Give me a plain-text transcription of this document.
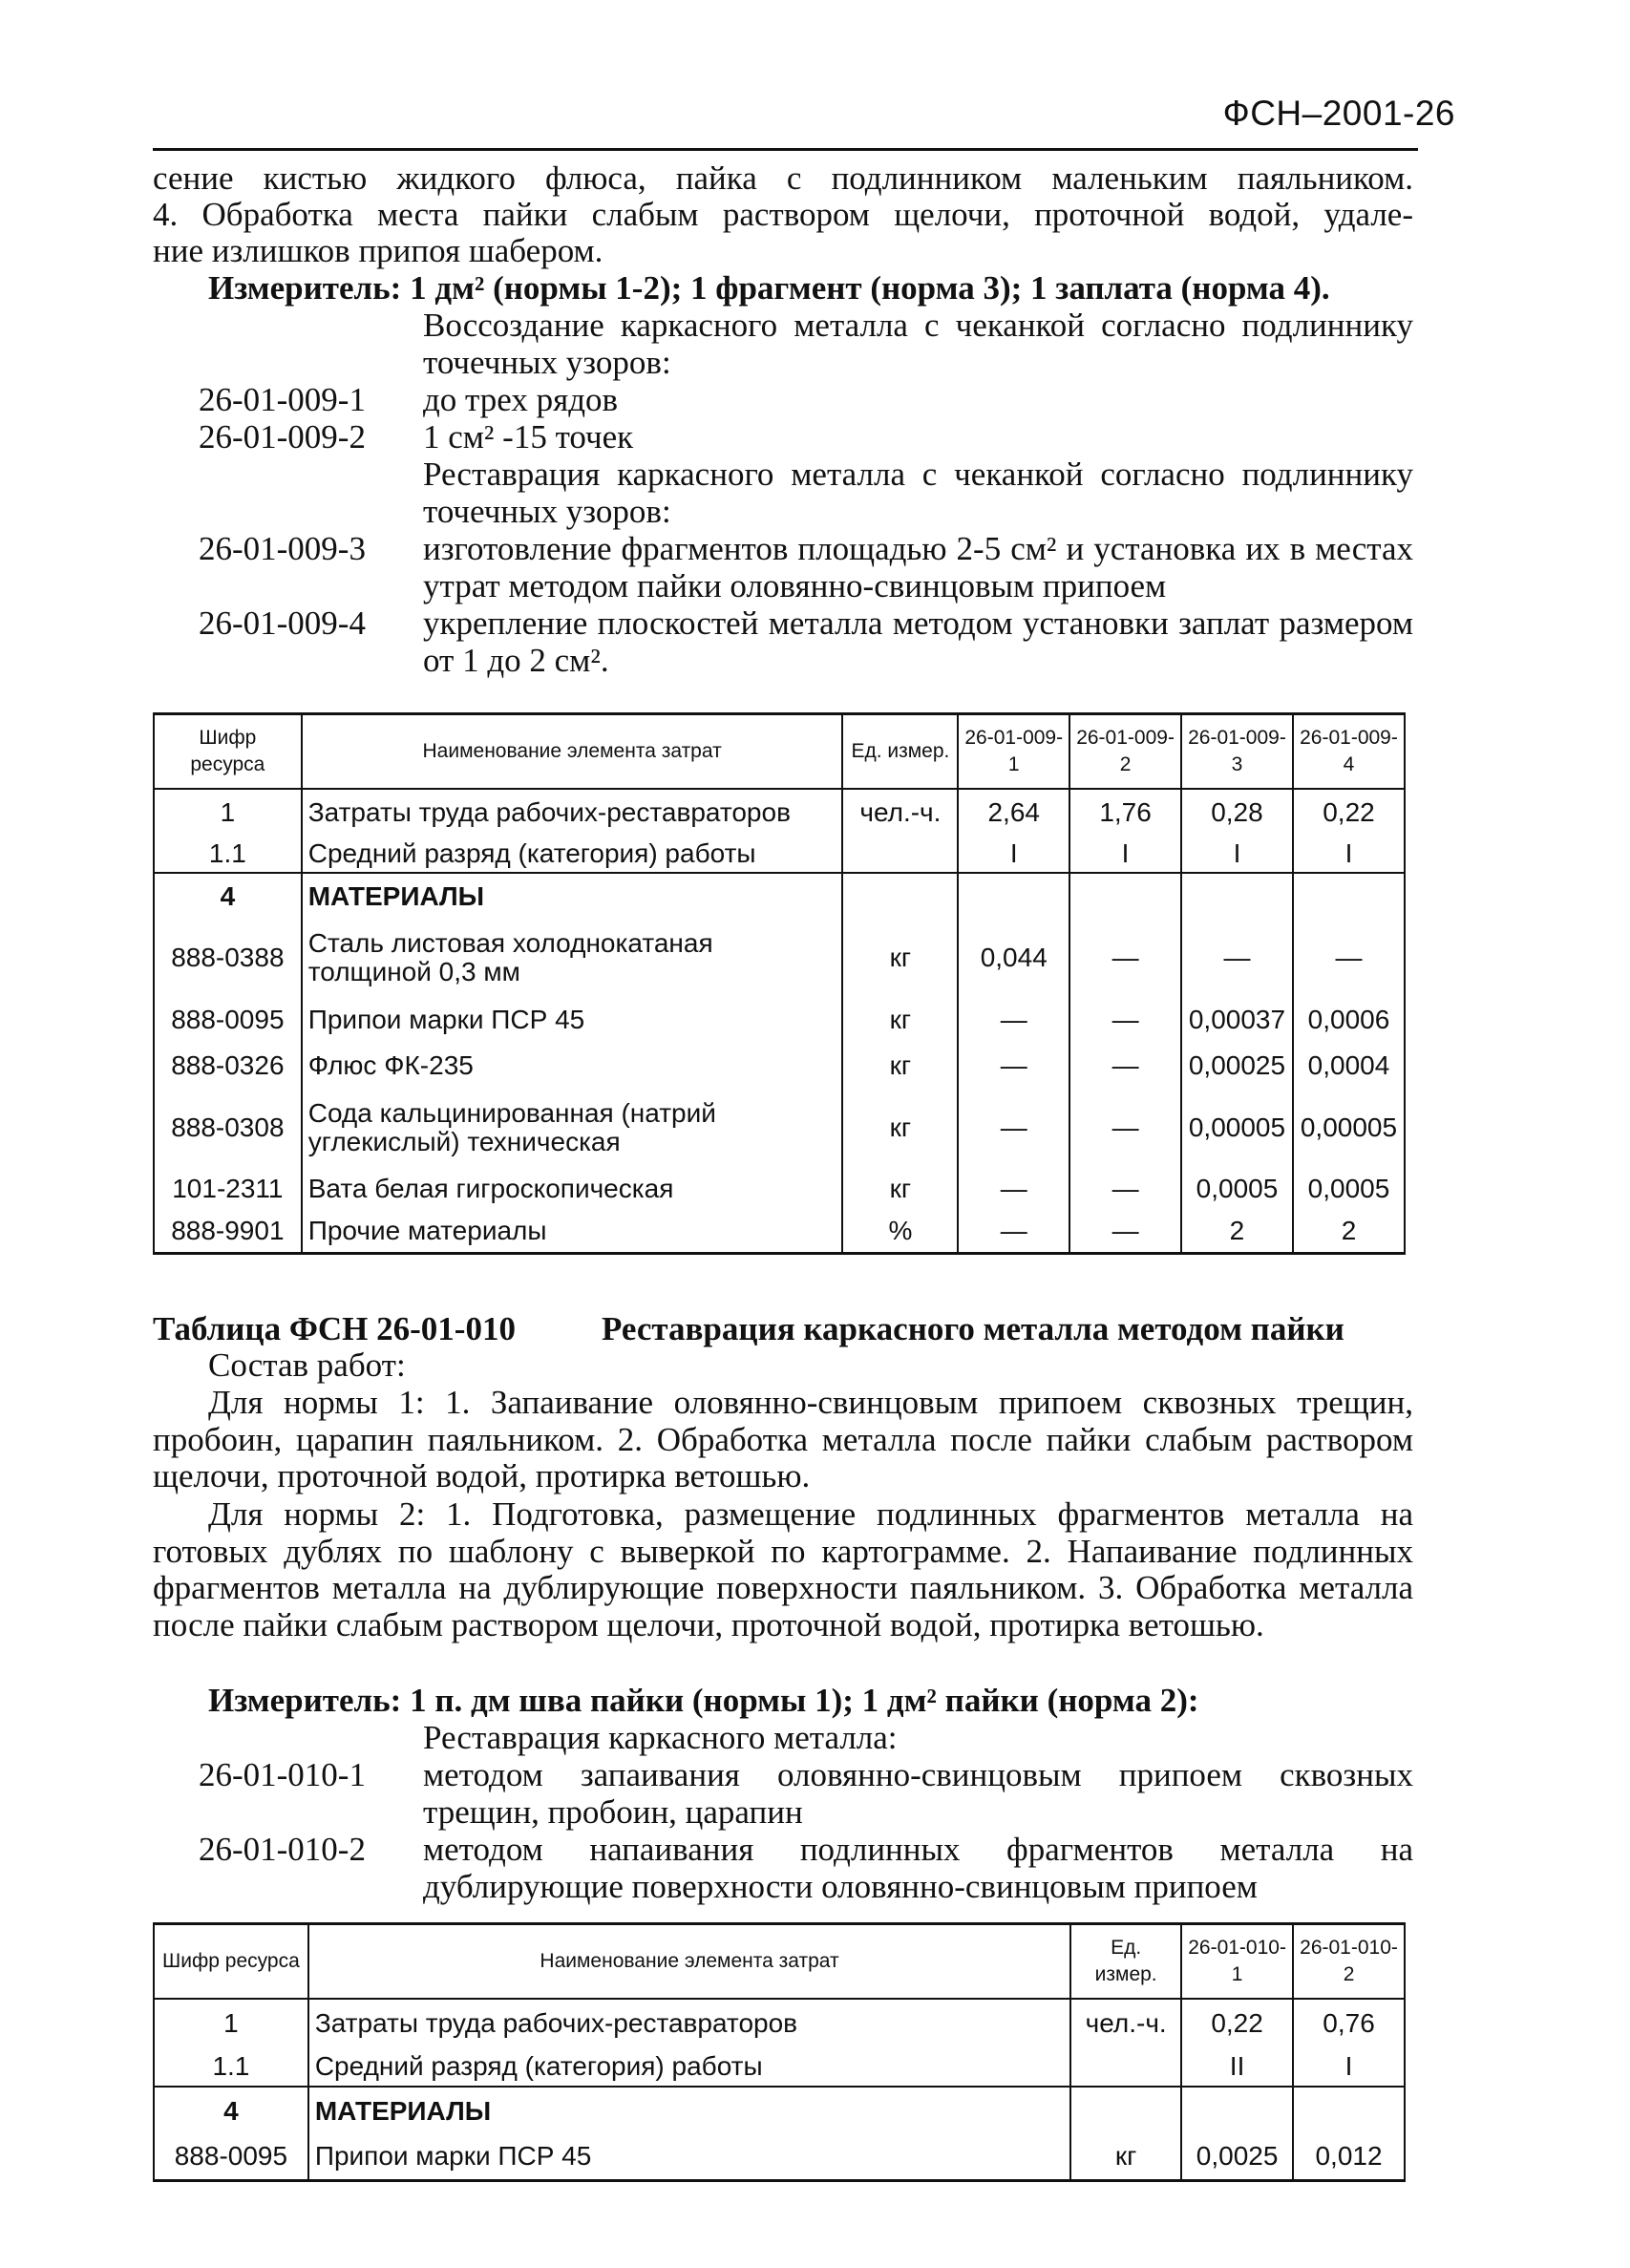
ФСН–2001-26
сение кистью жидкого флюса, пайка с подлинником маленьким паяльником.
4. Обработка места пайки слабым раствором щелочи, проточной водой, удале-
ние излишков припоя шабером.
Измеритель: 1 дм² (нормы 1-2); 1 фрагмент (норма 3); 1 заплата (норма 4).
Воссоздание каркасного металла с чеканкой согласно подлиннику точечных узоров:
26-01-009-1	до трех рядов
26-01-009-2	1 см² -15 точек
Реставрация каркасного металла с чеканкой согласно подлиннику точечных узоров:
26-01-009-3	изготовление фрагментов площадью 2-5 см² и установка их в местах утрат методом пайки оловянно-свинцовым припоем
26-01-009-4	укрепление плоскостей металла методом установки заплат размером от 1 до 2 см².
Шифр ресурса	Наименование элемента затрат	Ед. измер.	26-01-009-1	26-01-009-2	26-01-009-3	26-01-009-4
1	Затраты труда рабочих-реставраторов	чел.-ч.	2,64	1,76	0,28	0,22
1.1	Средний разряд (категория) работы		I	I	I	I
4	МАТЕРИАЛЫ					
888-0388	Сталь листовая холоднокатаная толщиной 0,3 мм	кг	0,044	—	—	—
888-0095	Припои марки ПСР 45	кг	—	—	0,00037	0,0006
888-0326	Флюс ФК-235	кг	—	—	0,00025	0,0004
888-0308	Сода кальцинированная (натрий углекислый) техническая	кг	—	—	0,00005	0,00005
101-2311	Вата белая гигроскопическая	кг	—	—	0,0005	0,0005
888-9901	Прочие материалы	%	—	—	2	2
Таблица ФСН 26-01-010	Реставрация каркасного металла методом пайки
Состав работ:
Для нормы 1: 1. Запаивание оловянно-свинцовым припоем сквозных трещин, пробоин, царапин паяльником. 2. Обработка металла после пайки слабым раствором щелочи, проточной водой, протирка ветошью.
Для нормы 2: 1. Подготовка, размещение подлинных фрагментов металла на готовых дублях по шаблону с выверкой по картограмме. 2. Напаивание подлинных фрагментов металла на дублирующие поверхности паяльником. 3. Обработка металла после пайки слабым раствором щелочи, проточной водой, протирка ветошью.
Измеритель: 1 п. дм шва пайки (нормы 1); 1 дм² пайки (норма 2):
Реставрация каркасного металла:
26-01-010-1	методом запаивания оловянно-свинцовым припоем сквозных трещин, пробоин, царапин
26-01-010-2	методом напаивания подлинных фрагментов металла на дублирующие поверхности оловянно-свинцовым припоем
Шифр ресурса	Наименование элемента затрат	Ед. измер.	26-01-010-1	26-01-010-2
1	Затраты труда рабочих-реставраторов	чел.-ч.	0,22	0,76
1.1	Средний разряд (категория) работы		II	I
4	МАТЕРИАЛЫ			
888-0095	Припои марки ПСР 45	кг	0,0025	0,012
